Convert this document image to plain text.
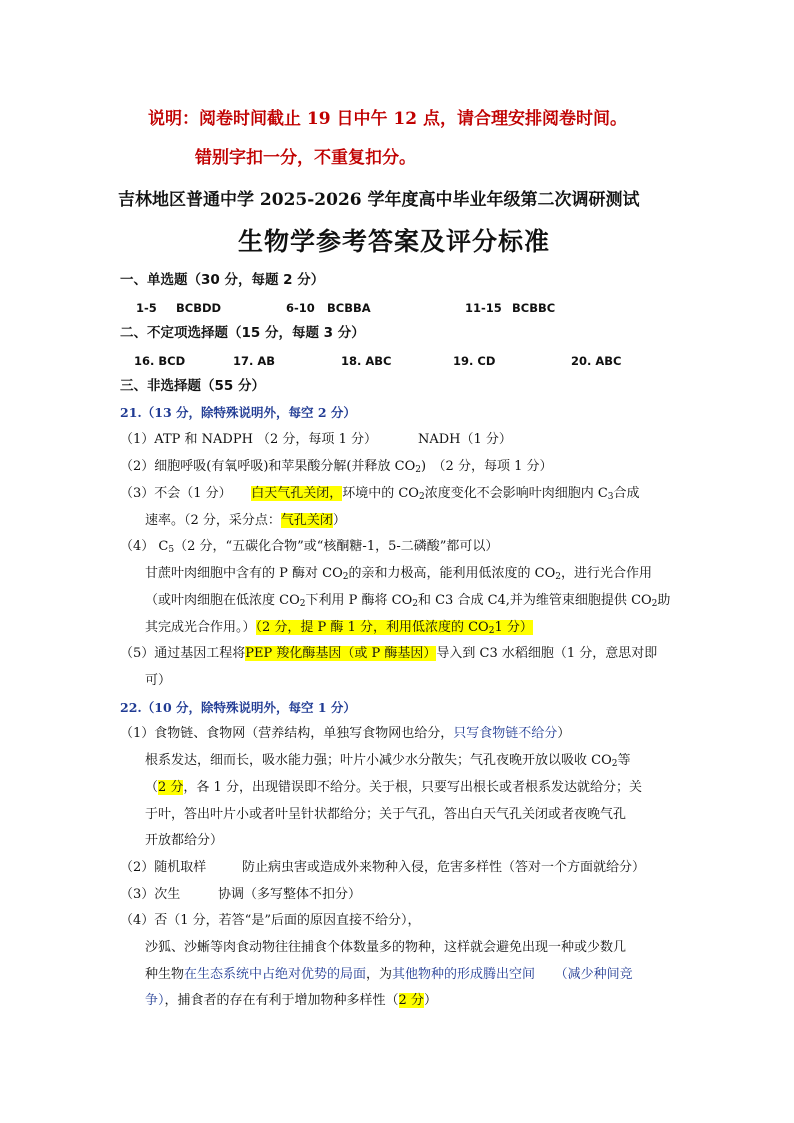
说明：阅卷时间截止 19 日中午 12 点，请合理安排阅卷时间。
错别字扣一分，不重复扣分。
吉林地区普通中学 2025-2026 学年度高中毕业年级第二次调研测试
生物学参考答案及评分标准
一、单选题（30 分，每题 2 分）
1-5 BCBDD	6-10 BCBBA	11-15 BCBBC
二、不定项选择题（15 分，每题 3 分）
16. BCD	17. AB	18. ABC	19. CD	20. ABC
三、非选择题（55 分）
21.（13 分，除特殊说明外，每空 2 分）
（1）ATP 和 NADPH （2 分，每项 1 分）	NADH（1 分）
（2）细胞呼吸(有氧呼吸)和苹果酸分解(并释放 $CO_2$)　（2 分，每项 1 分）
（3）不会（1 分）　　 白天气孔关闭，环境中的 $CO_2$浓度变化不会影响叶肉细胞内 $C_3$合成
速率。（2 分，采分点：气孔关闭）
（4） $C_5(2$ 分，“五碳化合物”或“核酮糖-1，5-二磷酸”都可以）
甘蔗叶肉细胞中含有的 P 酶对 $CO_2$的亲和力极高，能利用低浓度的 $CO_2$，进行光合作用
（或叶肉细胞在低浓度 $CO_2$下利用 P 酶将 $CO_2$和 C3 合成 C4,并为维管束细胞提供 $CO_2$助
其完成光合作用。）（2 分，提 P 酶 1 分，利用低浓度的 $CO_21$ 分）
（5）通过基因工程将PEP 羧化酶基因（或 P 酶基因）导入到 C3 水稻细胞（1 分，意思对即
可）
22.（10 分，除特殊说明外，每空 1 分）
（1）食物链、食物网（营养结构，单独写食物网也给分，只写食物链不给分）
根系发达，细而长，吸水能力强；叶片小减少水分散失；气孔夜晚开放以吸收 $CO_2$等
（2 分，各 1 分，出现错误即不给分。关于根，只要写出根长或者根系发达就给分；关
于叶，答出叶片小或者叶呈针状都给分；关于气孔，答出白天气孔关闭或者夜晚气孔
开放都给分）
（2）随机取样	防止病虫害或造成外来物种入侵，危害多样性（答对一个方面就给分）
（3）次生	协调（多写整体不扣分）
（4）否（1 分，若答“是”后面的原因直接不给分），
沙狐、沙蜥等肉食动物往往捕食个体数量多的物种，这样就会避免出现一种或少数几
种生物在生态系统中占绝对优势的局面，为其他物种的形成腾出空间　　 （减少种间竞
争），捕食者的存在有利于增加物种多样性（2 分）
